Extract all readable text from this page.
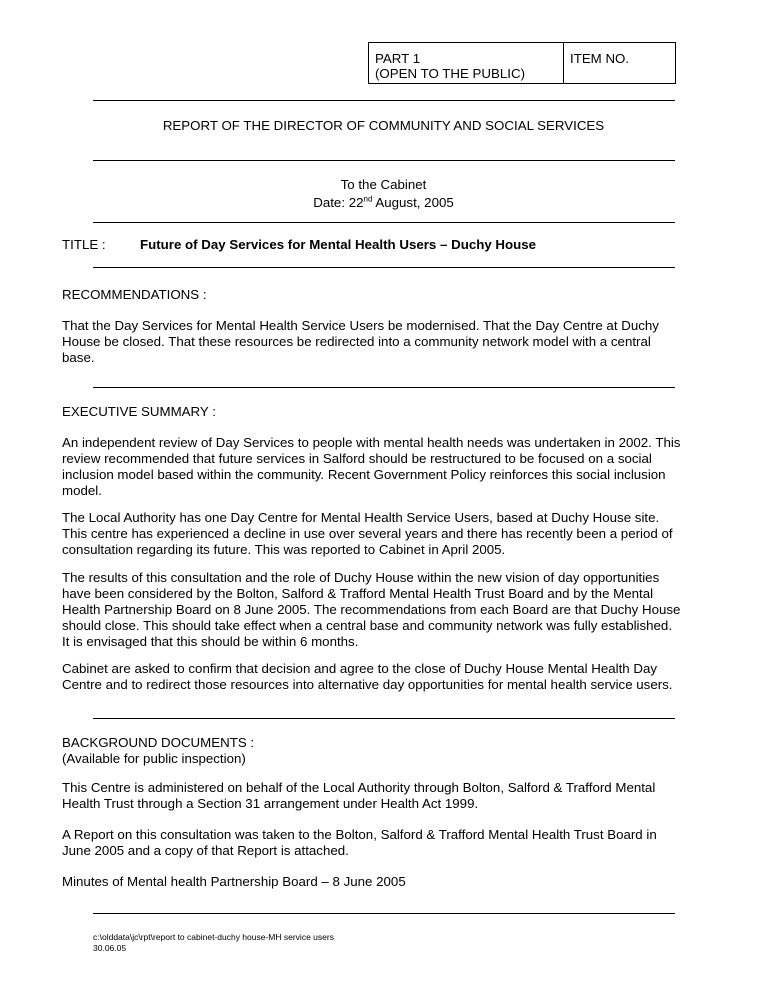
PART 1
(OPEN TO THE PUBLIC)
ITEM NO.
REPORT OF THE DIRECTOR OF COMMUNITY AND SOCIAL SERVICES
To the Cabinet
Date: 22nd August, 2005
TITLE :	Future of Day Services for Mental Health Users – Duchy House
RECOMMENDATIONS :

That the Day Services for Mental Health Service Users be modernised. That the Day Centre at Duchy House be closed. That these resources be redirected into a community network model with a central base.

EXECUTIVE SUMMARY :

An independent review of Day Services to people with mental health needs was undertaken in 2002. This review recommended that future services in Salford should be restructured to be focused on a social inclusion model based within the community. Recent Government Policy reinforces this social inclusion model.

The Local Authority has one Day Centre for Mental Health Service Users, based at Duchy House site. This centre has experienced a decline in use over several years and there has recently been a period of consultation regarding its future. This was reported to Cabinet in April 2005.

The results of this consultation and the role of Duchy House within the new vision of day opportunities have been considered by the Bolton, Salford & Trafford Mental Health Trust Board and by the Mental Health Partnership Board on 8 June 2005. The recommendations from each Board are that Duchy House should close. This should take effect when a central base and community network was fully established. It is envisaged that this should be within 6 months.

Cabinet are asked to confirm that decision and agree to the close of Duchy House Mental Health Day Centre and to redirect those resources into alternative day opportunities for mental health service users.

BACKGROUND DOCUMENTS :
(Available for public inspection)

This Centre is administered on behalf of the Local Authority through Bolton, Salford & Trafford Mental Health Trust through a Section 31 arrangement under Health Act 1999.

A Report on this consultation was taken to the Bolton, Salford & Trafford Mental Health Trust Board in June 2005 and a copy of that Report is attached.

Minutes of Mental health Partnership Board – 8 June 2005

c:\olddata\jc\rpt\report to cabinet-duchy house-MH service users
30.06.05
